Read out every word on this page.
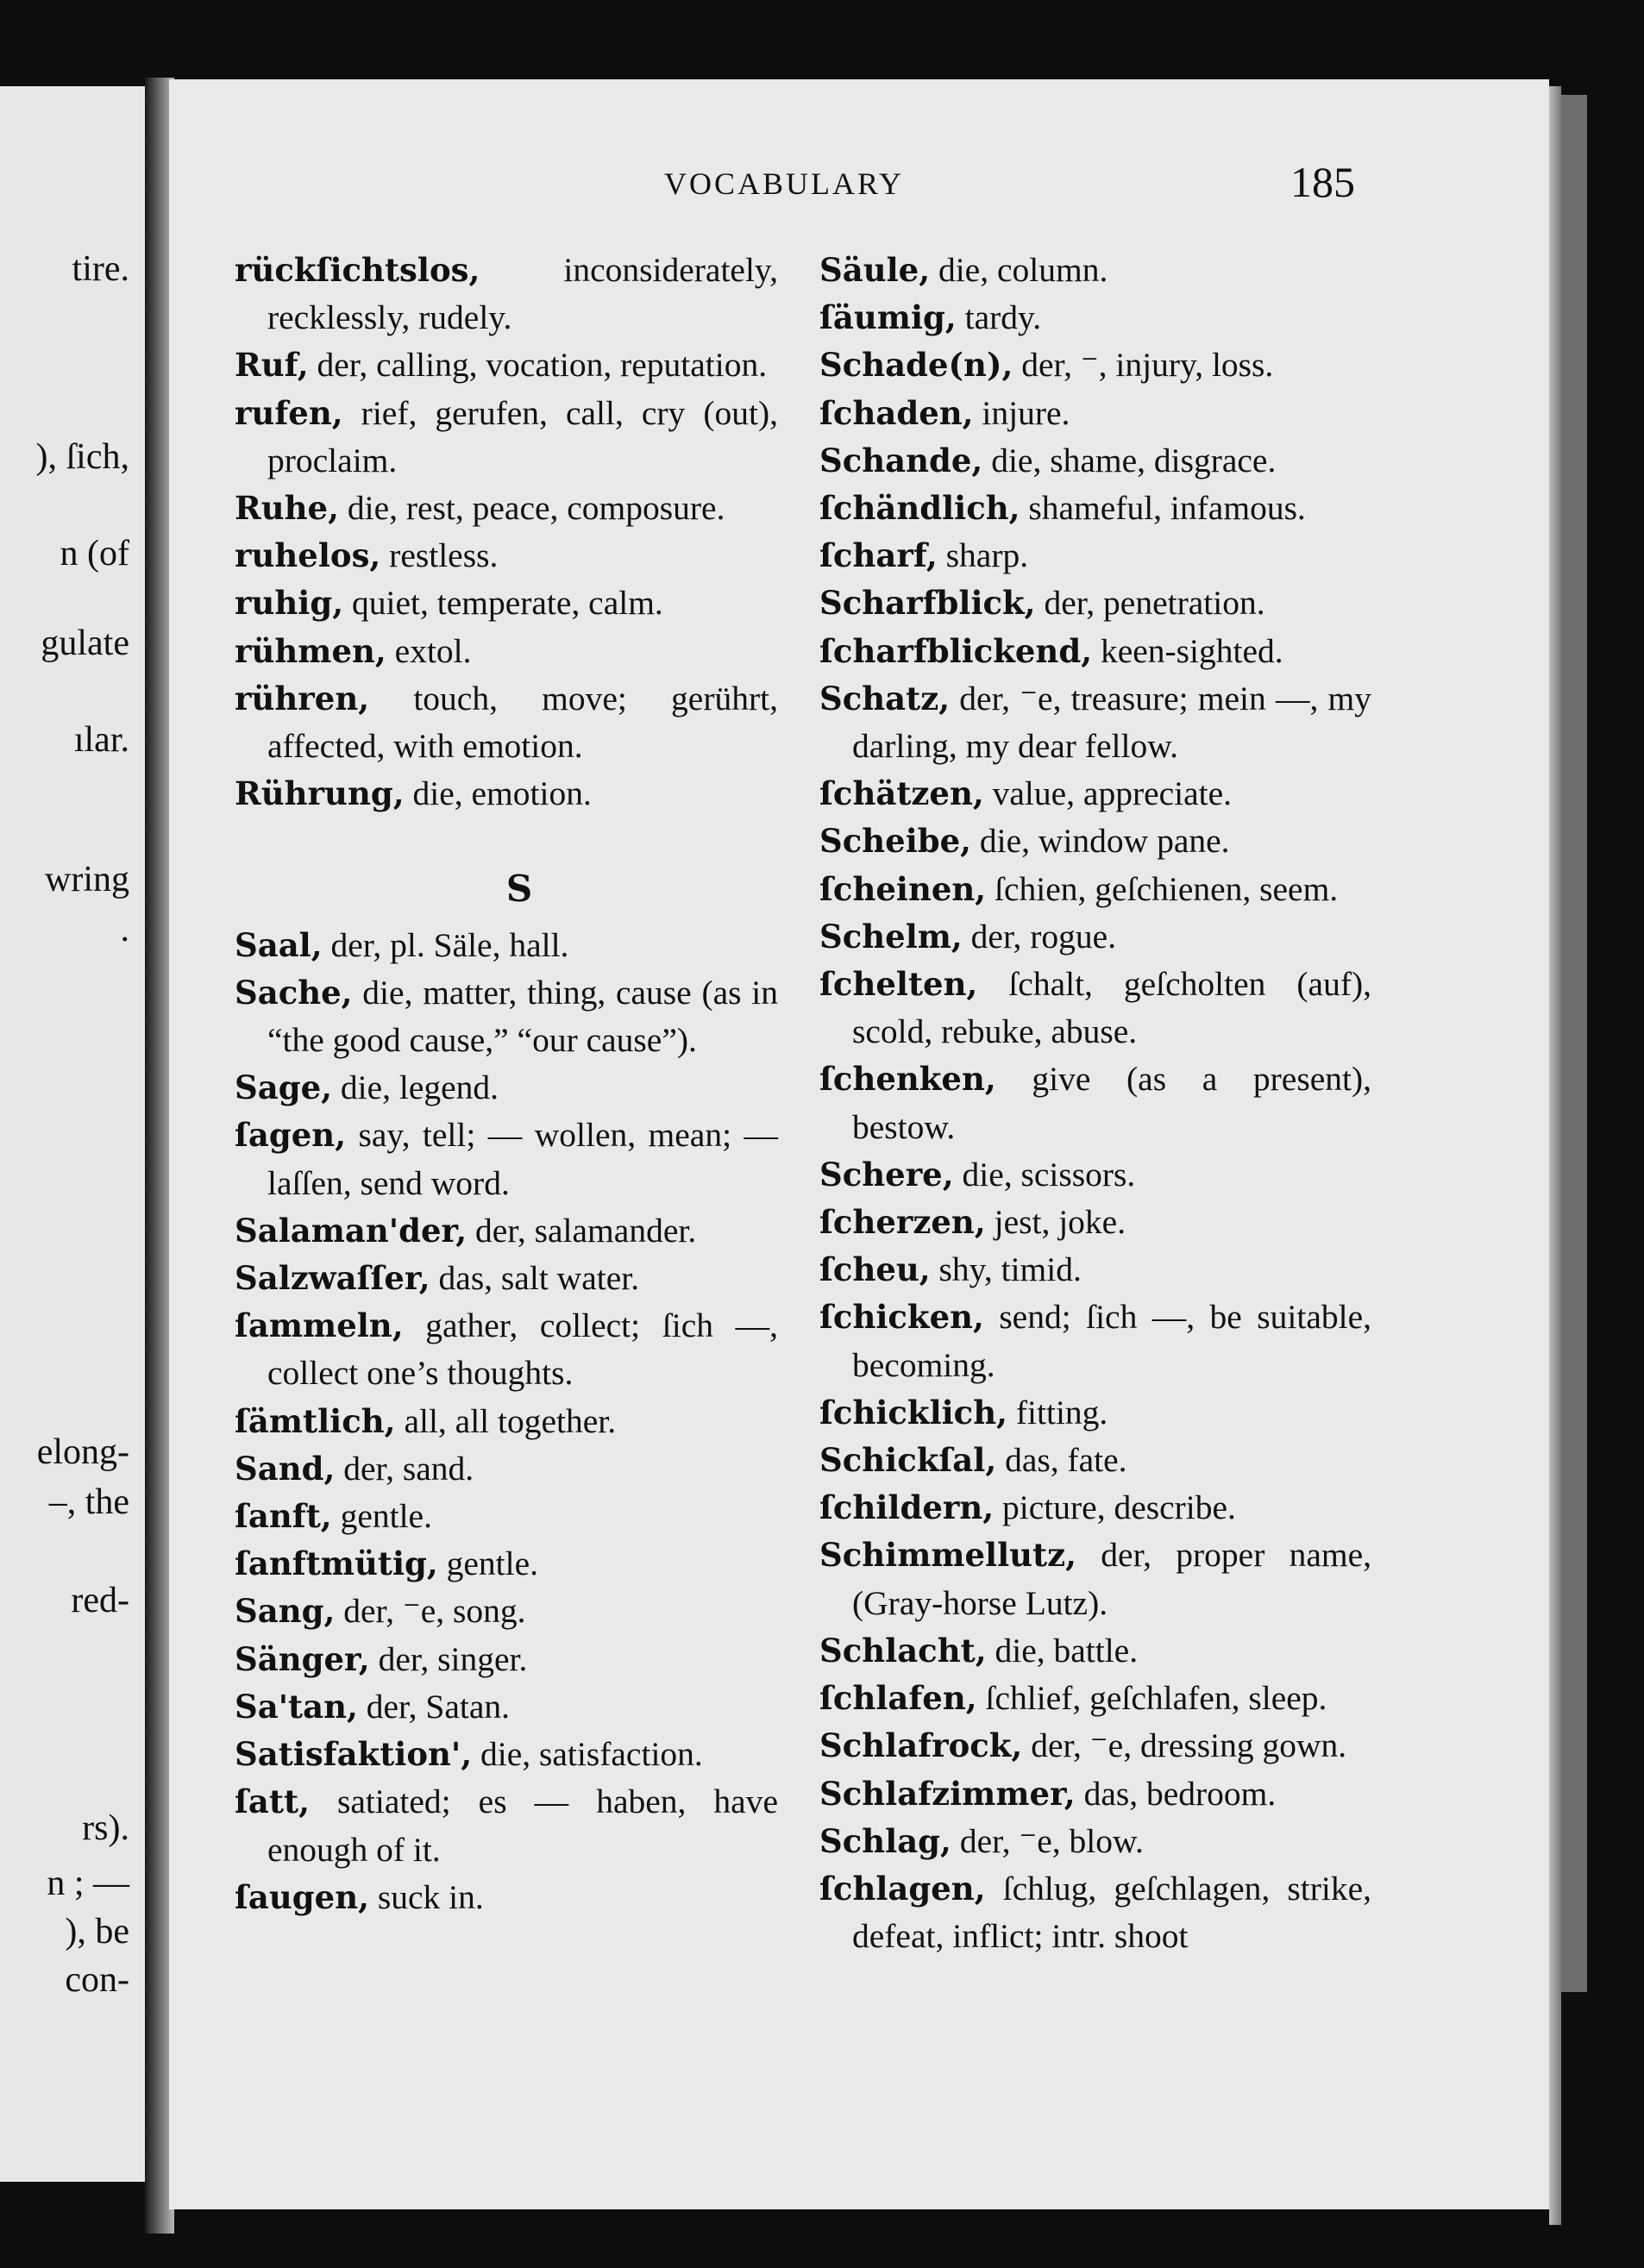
tire.
), ſich,
n (of
gulate
ılar.
wring
.
elong-
–, the
red-
rs).
n ; —
), be
con-
VOCABULARY	185
rückſichtslos, inconsiderately, recklessly, rudely.
Ruf, der, calling, vocation, reputation.
rufen, rief, gerufen, call, cry (out), proclaim.
Ruhe, die, rest, peace, composure.
ruhelos, restless.
ruhig, quiet, temperate, calm.
rühmen, extol.
rühren, touch, move; gerührt, affected, with emotion.
Rührung, die, emotion.
S
Saal, der, pl. Säle, hall.
Sache, die, matter, thing, cause (as in “the good cause,” “our cause”).
Sage, die, legend.
ſagen, say, tell; — wollen, mean; — laſſen, send word.
Salaman'der, der, salamander.
Salzwaſſer, das, salt water.
ſammeln, gather, collect; ſich —, collect one’s thoughts.
ſämtlich, all, all together.
Sand, der, sand.
ſanft, gentle.
ſanftmütig, gentle.
Sang, der, ⁻e, song.
Sänger, der, singer.
Sa'tan, der, Satan.
Satisfaktion', die, satisfaction.
ſatt, satiated; es — haben, have enough of it.
ſaugen, suck in.
Säule, die, column.
ſäumig, tardy.
Schade(n), der, ⁻, injury, loss.
ſchaden, injure.
Schande, die, shame, disgrace.
ſchändlich, shameful, infamous.
ſcharf, sharp.
Scharfblick, der, penetration.
ſcharfblickend, keen-sighted.
Schatz, der, ⁻e, treasure; mein —, my darling, my dear fellow.
ſchätzen, value, appreciate.
Scheibe, die, window pane.
ſcheinen, ſchien, geſchienen, seem.
Schelm, der, rogue.
ſchelten, ſchalt, geſcholten (auf), scold, rebuke, abuse.
ſchenken, give (as a present), bestow.
Schere, die, scissors.
ſcherzen, jest, joke.
ſcheu, shy, timid.
ſchicken, send; ſich —, be suitable, becoming.
ſchicklich, fitting.
Schickſal, das, fate.
ſchildern, picture, describe.
Schimmellutz, der, proper name, (Gray-horse Lutz).
Schlacht, die, battle.
ſchlafen, ſchlief, geſchlafen, sleep.
Schlafrock, der, ⁻e, dressing gown.
Schlafzimmer, das, bedroom.
Schlag, der, ⁻e, blow.
ſchlagen, ſchlug, geſchlagen, strike, defeat, inflict; intr. shoot
